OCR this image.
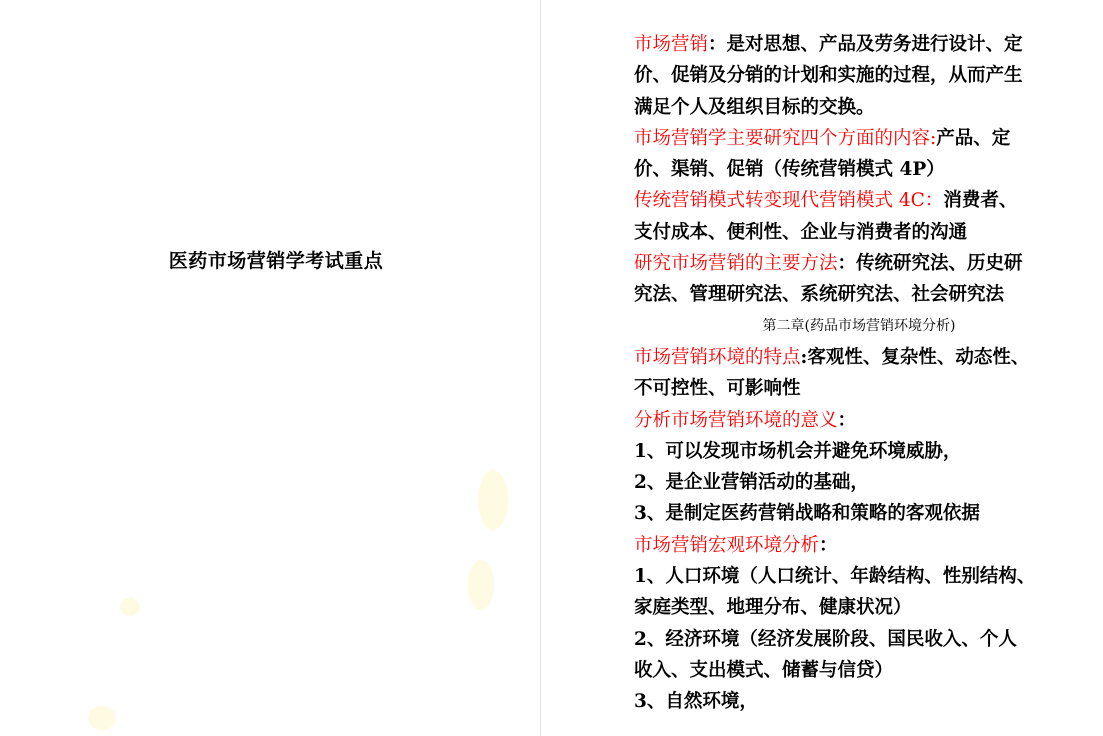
医药市场营销学考试重点
市场营销：是对思想、产品及劳务进行设计、定
价、促销及分销的计划和实施的过程，从而产生
满足个人及组织目标的交换。
市场营销学主要研究四个方面的内容:产品、定
价、渠销、促销（传统营销模式 4P）
传统营销模式转变现代营销模式 4C：消费者、
支付成本、便利性、企业与消费者的沟通
研究市场营销的主要方法：传统研究法、历史研
究法、管理研究法、系统研究法、社会研究法
第二章(药品市场营销环境分析)
市场营销环境的特点:客观性、复杂性、动态性、
不可控性、可影响性
分析市场营销环境的意义：
1、可以发现市场机会并避免环境威胁，
2、是企业营销活动的基础，
3、是制定医药营销战略和策略的客观依据
市场营销宏观环境分析：
1、人口环境（人口统计、年龄结构、性别结构、
家庭类型、地理分布、健康状况）
2、经济环境（经济发展阶段、国民收入、个人
收入、支出模式、储蓄与信贷）
3、自然环境，
